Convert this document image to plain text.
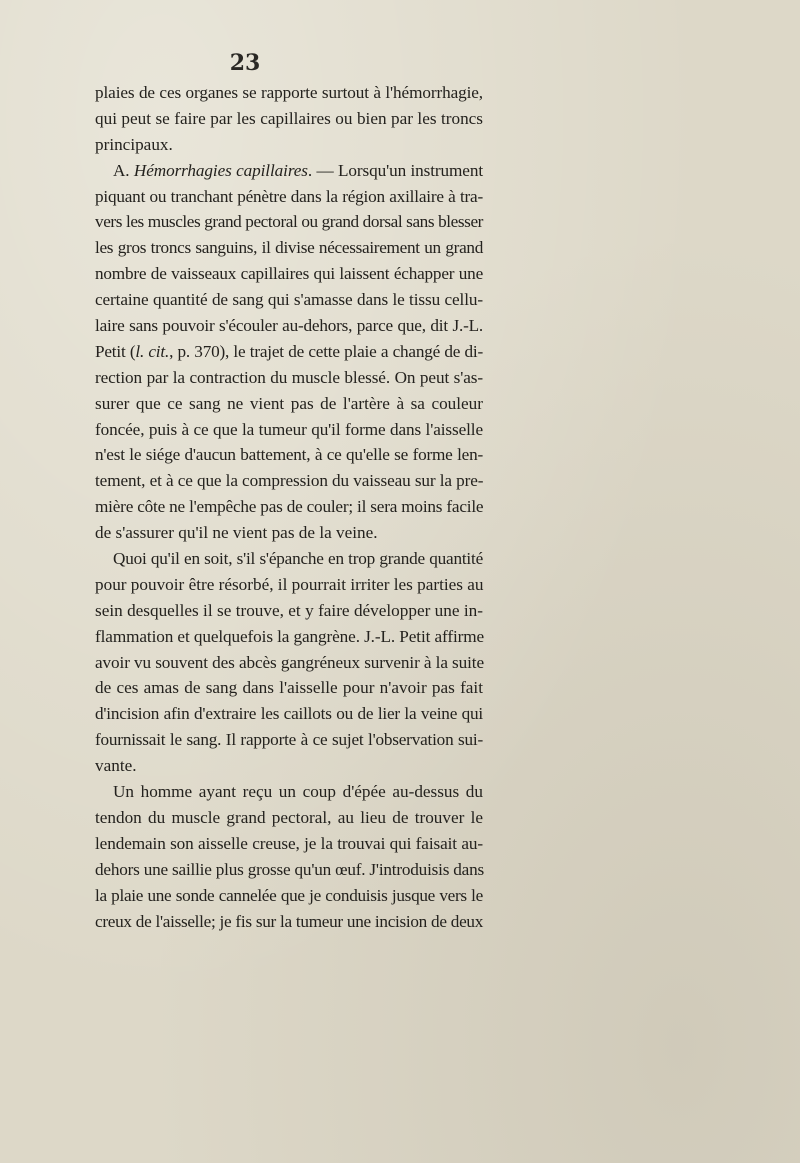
23
plaies de ces organes se rapporte surtout à l'hémorrhagie,
qui peut se faire par les capillaires ou bien par les troncs
principaux.
A. Hémorrhagies capillaires. — Lorsqu'un instrument
piquant ou tranchant pénètre dans la région axillaire à tra-
vers les muscles grand pectoral ou grand dorsal sans blesser
les gros troncs sanguins, il divise nécessairement un grand
nombre de vaisseaux capillaires qui laissent échapper une
certaine quantité de sang qui s'amasse dans le tissu cellu-
laire sans pouvoir s'écouler au-dehors, parce que, dit J.-L.
Petit (l. cit., p. 370), le trajet de cette plaie a changé de di-
rection par la contraction du muscle blessé. On peut s'as-
surer que ce sang ne vient pas de l'artère à sa couleur
foncée, puis à ce que la tumeur qu'il forme dans l'aisselle
n'est le siége d'aucun battement, à ce qu'elle se forme len-
tement, et à ce que la compression du vaisseau sur la pre-
mière côte ne l'empêche pas de couler; il sera moins facile
de s'assurer qu'il ne vient pas de la veine.
Quoi qu'il en soit, s'il s'épanche en trop grande quantité
pour pouvoir être résorbé, il pourrait irriter les parties au
sein desquelles il se trouve, et y faire développer une in-
flammation et quelquefois la gangrène. J.-L. Petit affirme
avoir vu souvent des abcès gangréneux survenir à la suite
de ces amas de sang dans l'aisselle pour n'avoir pas fait
d'incision afin d'extraire les caillots ou de lier la veine qui
fournissait le sang. Il rapporte à ce sujet l'observation sui-
vante.
Un homme ayant reçu un coup d'épée au-dessus du
tendon du muscle grand pectoral, au lieu de trouver le
lendemain son aisselle creuse, je la trouvai qui faisait au-
dehors une saillie plus grosse qu'un œuf. J'introduisis dans
la plaie une sonde cannelée que je conduisis jusque vers le
creux de l'aisselle; je fis sur la tumeur une incision de deux
